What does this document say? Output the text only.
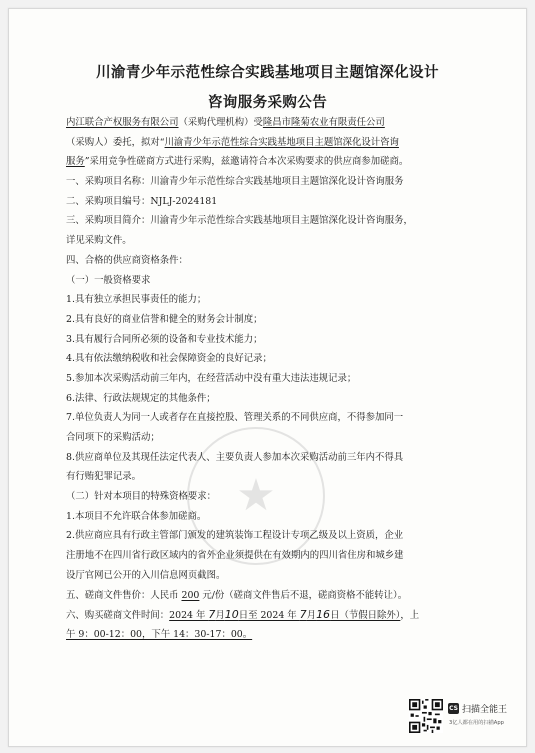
川渝青少年示范性综合实践基地项目主题馆深化设计
咨询服务采购公告
★
内江联合产权服务有限公司（采购代理机构）受隆昌市隆菊农业有限责任公司
（采购人）委托，拟对“川渝青少年示范性综合实践基地项目主题馆深化设计咨询
服务”采用竞争性磋商方式进行采购，兹邀请符合本次采购要求的供应商参加磋商。
一、采购项目名称：川渝青少年示范性综合实践基地项目主题馆深化设计咨询服务
二、采购项目编号：NJLJ-2024181
三、采购项目简介：川渝青少年示范性综合实践基地项目主题馆深化设计咨询服务，
详见采购文件。
四、合格的供应商资格条件：
（一）一般资格要求
1.具有独立承担民事责任的能力；
2.具有良好的商业信誉和健全的财务会计制度；
3.具有履行合同所必须的设备和专业技术能力；
4.具有依法缴纳税收和社会保障资金的良好记录；
5.参加本次采购活动前三年内，在经营活动中没有重大违法违规记录；
6.法律、行政法规规定的其他条件；
7.单位负责人为同一人或者存在直接控股、管理关系的不同供应商，不得参加同一
合同项下的采购活动；
8.供应商单位及其现任法定代表人、主要负责人参加本次采购活动前三年内不得具
有行贿犯罪记录。
（二）针对本项目的特殊资格要求：
1.本项目不允许联合体参加磋商。
2.供应商应具有行政主管部门颁发的建筑装饰工程设计专项乙级及以上资质，企业
注册地不在四川省行政区域内的省外企业须提供在有效期内的四川省住房和城乡建
设厅官网已公开的入川信息网页截图。
五、磋商文件售价：人民币 200 元/份（磋商文件售后不退，磋商资格不能转让）。
六、购买磋商文件时间：2024 年 7月10日至 2024 年 7月16日（节假日除外），上
午 9：00-12：00，下午 14：30-17：00。
CS 扫描全能王
3亿人都在用的扫描App
